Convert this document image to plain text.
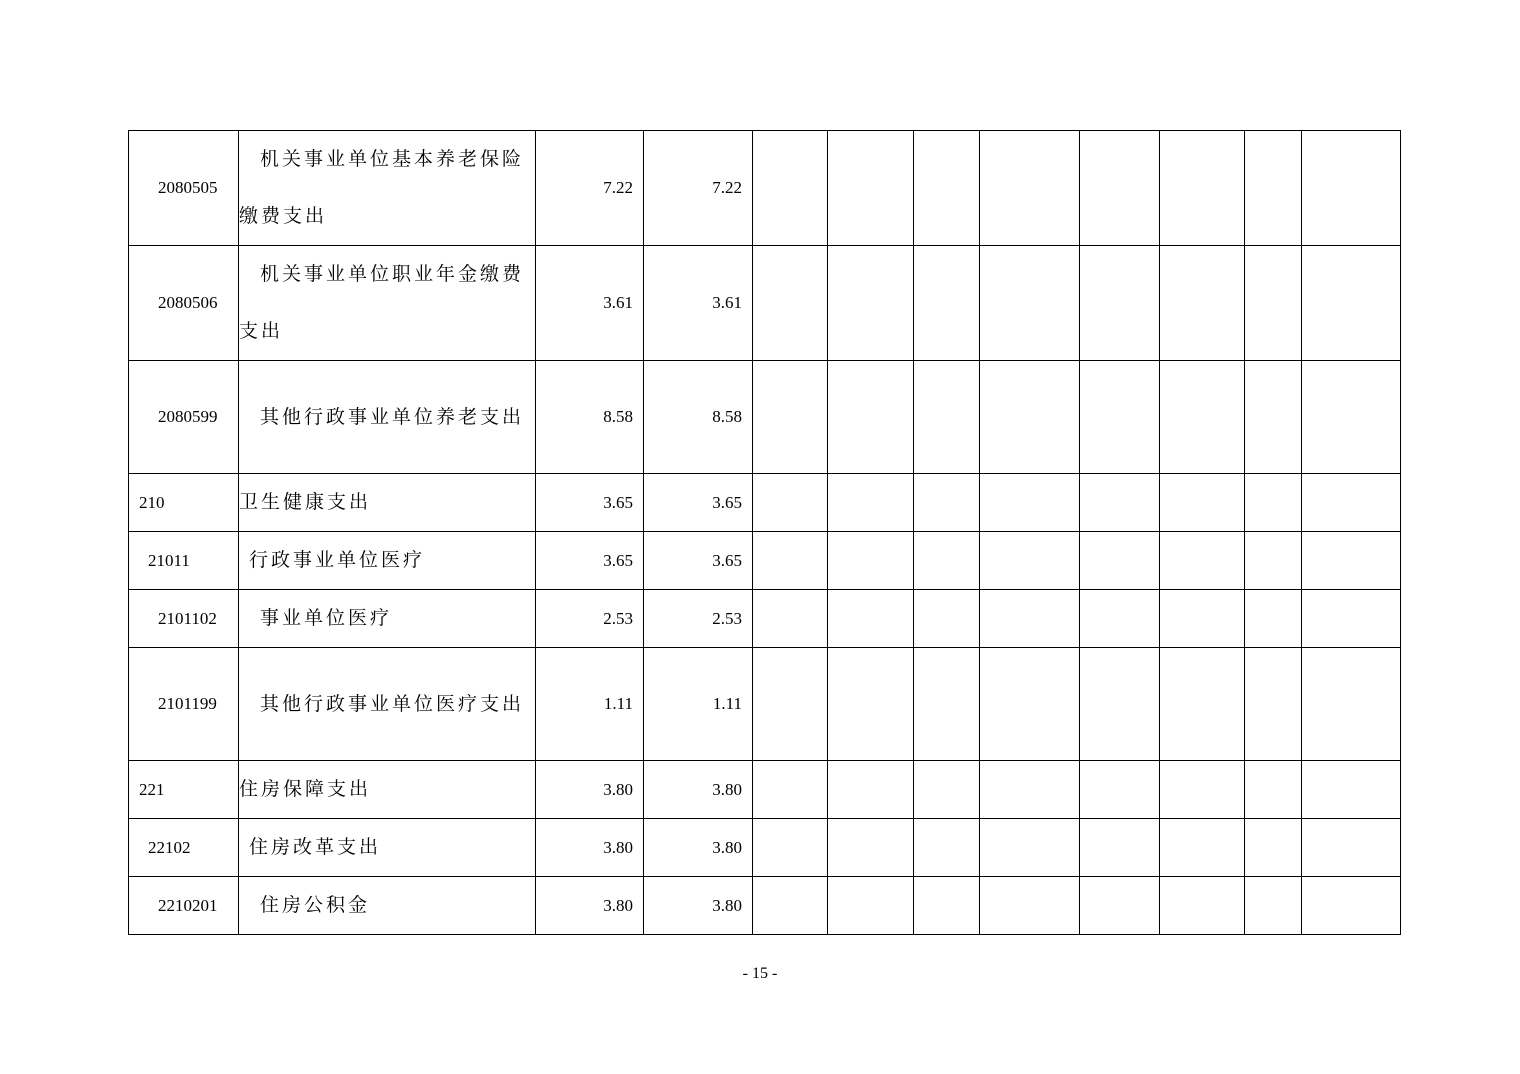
2080505	机关事业单位基本养老保险缴费支出	7.22	7.22								
2080506	机关事业单位职业年金缴费支出	3.61	3.61								
2080599	其他行政事业单位养老支出	8.58	8.58								
210	卫生健康支出	3.65	3.65								
21011	行政事业单位医疗	3.65	3.65								
2101102	事业单位医疗	2.53	2.53								
2101199	其他行政事业单位医疗支出	1.11	1.11								
221	住房保障支出	3.80	3.80								
22102	住房改革支出	3.80	3.80								
2210201	住房公积金	3.80	3.80								
- 15 -
